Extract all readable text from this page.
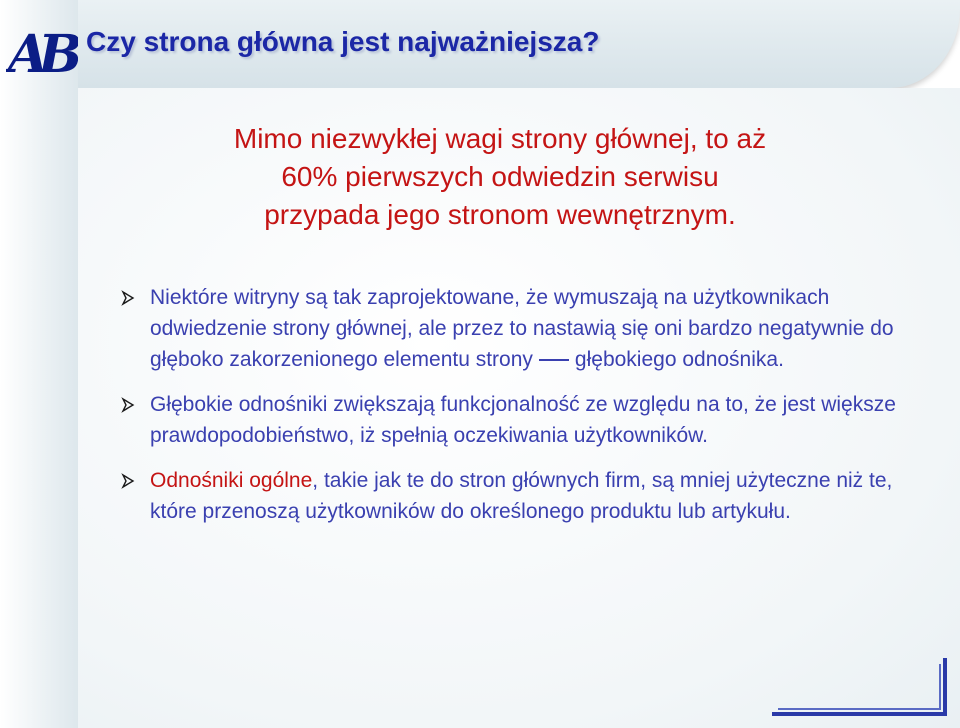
AB Czy strona główna jest najważniejsza?
Mimo niezwykłej wagi strony głównej, to aż
60% pierwszych odwiedzin serwisu
przypada jego stronom wewnętrznym.
Niektóre witryny są tak zaprojektowane, że wymuszają na użytkownikach odwiedzenie strony głównej, ale przez to nastawią się oni bardzo negatywnie do głęboko zakorzenionego elementu strony głębokiego odnośnika.
Głębokie odnośniki zwiększają funkcjonalność ze względu na to, że jest większe prawdopodobieństwo, iż spełnią oczekiwania użytkowników.
Odnośniki ogólne, takie jak te do stron głównych firm, są mniej użyteczne niż te, które przenoszą użytkowników do określonego produktu lub artykułu.
